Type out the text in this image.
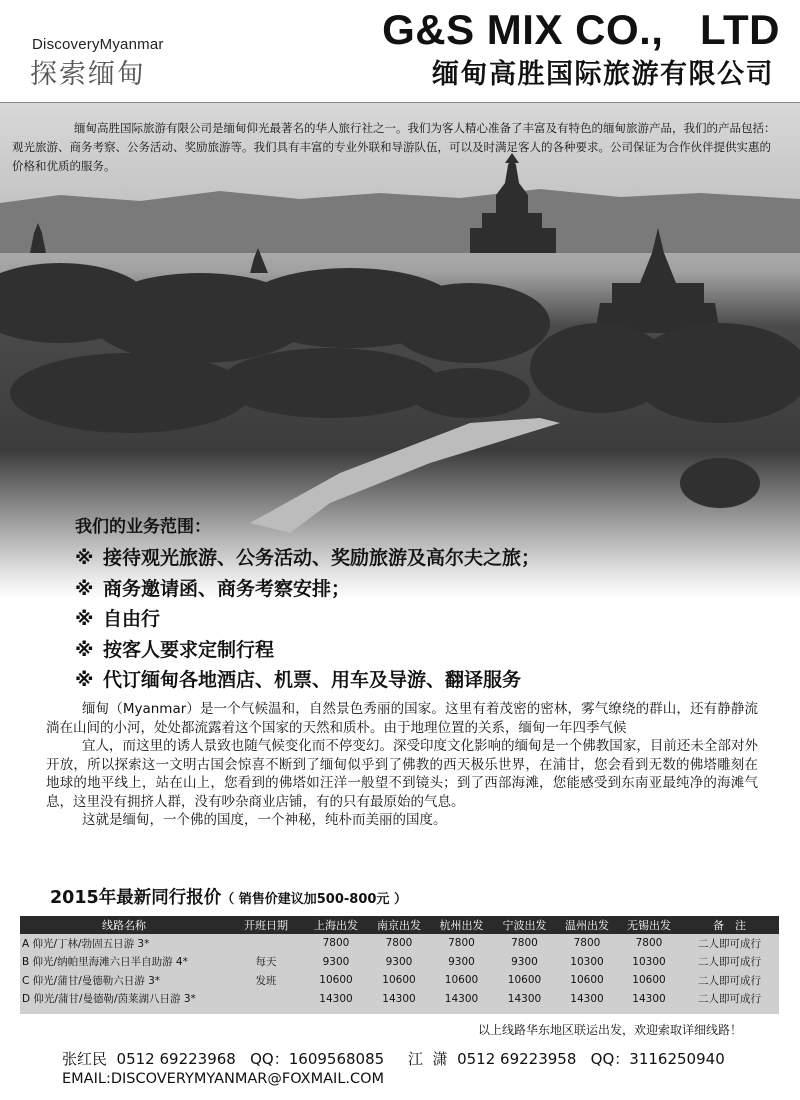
DiscoveryMyanmar
探索缅甸
G&S MIX CO.,   LTD
缅甸高胜国际旅游有限公司

缅甸高胜国际旅游有限公司是缅甸仰光最著名的华人旅行社之一。我们为客人精心准备了丰富及有特色的缅甸旅游产品，我们的产品包括：观光旅游、商务考察、公务活动、奖励旅游等。我们具有丰富的专业外联和导游队伍，可以及时满足客人的各种要求。公司保证为合作伙伴提供实惠的价格和优质的服务。

我们的业务范围：
※ 接待观光旅游、公务活动、奖励旅游及高尔夫之旅；
※ 商务邀请函、商务考察安排；
※ 自由行
※ 按客人要求定制行程
※ 代订缅甸各地酒店、机票、用车及导游、翻译服务

缅甸（Myanmar）是一个气候温和，自然景色秀丽的国家。这里有着茂密的密林，雾气缭绕的群山，还有静静流淌在山间的小河，处处都流露着这个国家的天然和质朴。由于地理位置的关系，缅甸一年四季气候

宜人，而这里的诱人景致也随气候变化而不停变幻。深受印度文化影响的缅甸是一个佛教国家，目前还未全部对外开放，所以探索这一文明古国会惊喜不断到了缅甸似乎到了佛教的西天极乐世界，在浦甘，您会看到无数的佛塔雕刻在地球的地平线上，站在山上，您看到的佛塔如汪洋一般望不到镜头；到了西部海滩，您能感受到东南亚最纯净的海滩气息，这里没有拥挤人群，没有吵杂商业店铺，有的只有最原始的气息。

这就是缅甸，一个佛的国度，一个神秘，纯朴而美丽的国度。

2015年最新同行报价（ 销售价建议加500-800元 ）
线路名称	开班日期	上海出发	南京出发	杭州出发	宁波出发	温州出发	无锡出发	备　注
A 仰光/丁林/勃固五日游 3*		7800	7800	7800	7800	7800	7800	二人即可成行
B 仰光/纳帕里海滩六日半自助游 4*	每天	9300	9300	9300	9300	10300	10300	二人即可成行
C 仰光/蒲甘/曼德勒六日游 3*	发班	10600	10600	10600	10600	10600	10600	二人即可成行
D 仰光/蒲甘/曼德勒/茵莱湖八日游 3*		14300	14300	14300	14300	14300	14300	二人即可成行
以上线路华东地区联运出发，欢迎索取详细线路！
张红民  0512 69223968   QQ：1609568085     江  潇  0512 69223958   QQ：3116250940
EMAIL:DISCOVERYMYANMAR@FOXMAIL.COM
